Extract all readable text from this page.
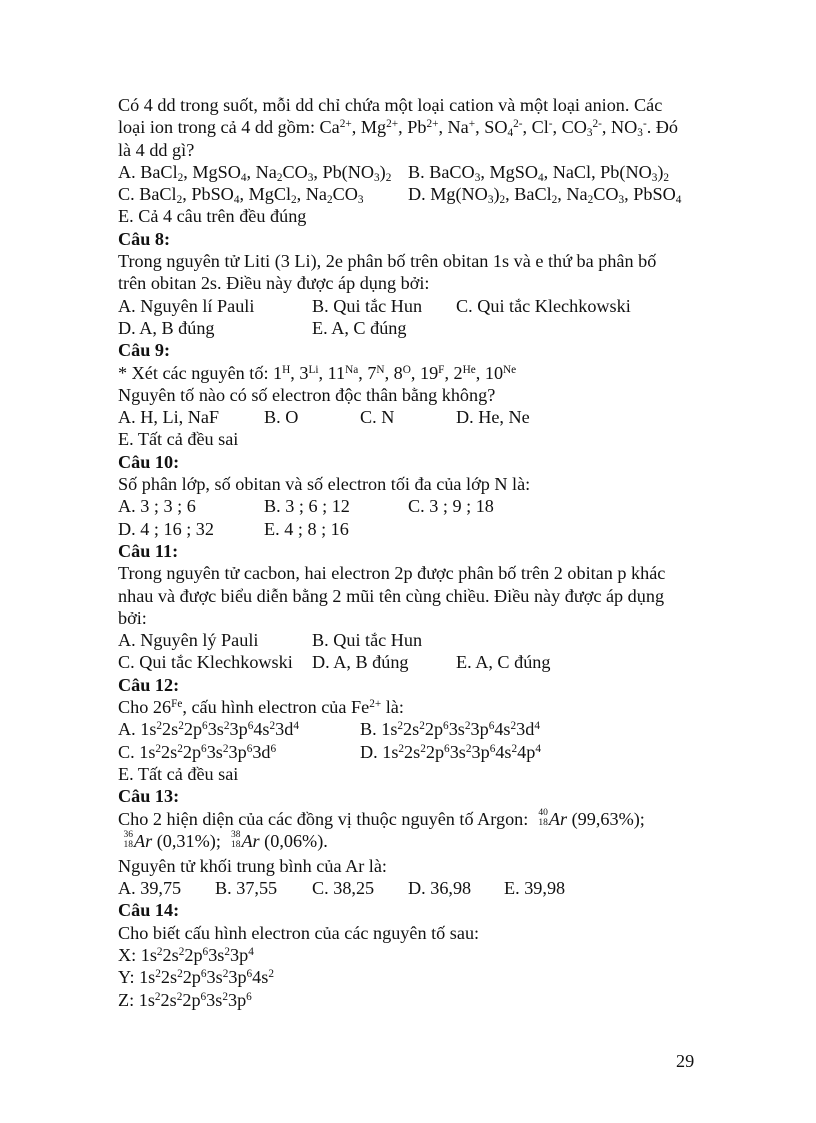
Có 4 dd trong suốt, mỗi dd chỉ chứa một loại cation và một loại anion. Các
loại ion trong cả 4 dd gồm: $Ca^{2+}$, $Mg^{2+}$, $Pb^{2+}$, Na+, $SO_4^{2-}$, Cl-, $CO_3^{2-}$, $NO_3^-$. Đó
là 4 dd gì?
A. BaCl$_2$, MgSO$_4$, $Na_2CO_3$, $Pb(NO_3)_2$ B. BaCO$_3$, MgSO$_4$, NaCl, $Pb(NO_3)_2$
C. BaCl$_2$, PbSO$_4$, MgCl$_2$, $Na_2CO_3$ D. $Mg(NO_3)_2$, BaCl$_2$, $Na_2CO_3$, PbSO$_4$
E. Cả 4 câu trên đều đúng
Câu 8:
Trong nguyên tử Liti (3 Li), 2e phân bố trên obitan 1s và e thứ ba phân bố
trên obitan 2s. Điều này được áp dụng bởi:
A. Nguyên lí Pauli	B. Qui tắc Hun C. Qui tắc Klechkowski
D. A, B đúng	E. A, C đúng
Câu 9:
* Xét các nguyên tố: $1^H$, $3^{Li}$, $11^{Na}$, $7^N$, $8^O$, $19^F$, $2^{He}$, $10^{Ne}$
Nguyên tố nào có số electron độc thân bằng không?
A. H, Li, NaF B. O	C. N	D. He, Ne
E. Tất cả đều sai
Câu 10:
Số phân lớp, số obitan và số electron tối đa của lớp N là:
A. 3 ; 3 ; 6	B. 3 ; 6 ; 12	C. 3 ; 9 ; 18
D. 4 ; 16 ; 32	E. 4 ; 8 ; 16
Câu 11:
Trong nguyên tử cacbon, hai electron 2p được phân bố trên 2 obitan p khác
nhau và được biểu diễn bằng 2 mũi tên cùng chiều. Điều này được áp dụng
bởi:
A. Nguyên lý Pauli	B. Qui tắc Hun
C. Qui tắc Klechkowski D. A, B đúng	E. A, C đúng
Câu 12:
Cho $26^{Fe}$, cấu hình electron của $Fe^{2+}$ là:
A. $1s^22s^22p^63s^23p^64s^23d^4$	B. $1s^22s^22p^63s^23p^64s^23d^4$
C. $1s^22s^22p^63s^23p^63d^6$	D. $1s^22s^22p^63s^23p^64s^24p^4$
E. Tất cả đều sai
Câu 13:
Cho 2 hiện diện của các đồng vị thuộc nguyên tố Argon: 40
18 Ar (99,63%);
36
18 Ar (0,31%); 38
18 Ar (0,06%).
Nguyên tử khối trung bình của Ar là:
A. 39,75 B. 37,55 C. 38,25 D. 36,98 E. 39,98
Câu 14:
Cho biết cấu hình electron của các nguyên tố sau:
X: $1s^22s^22p^63s^23p^4$
Y: $1s^22s^22p^63s^23p^64s^2$
Z: $1s^22s^22p^63s^23p^6$
29
